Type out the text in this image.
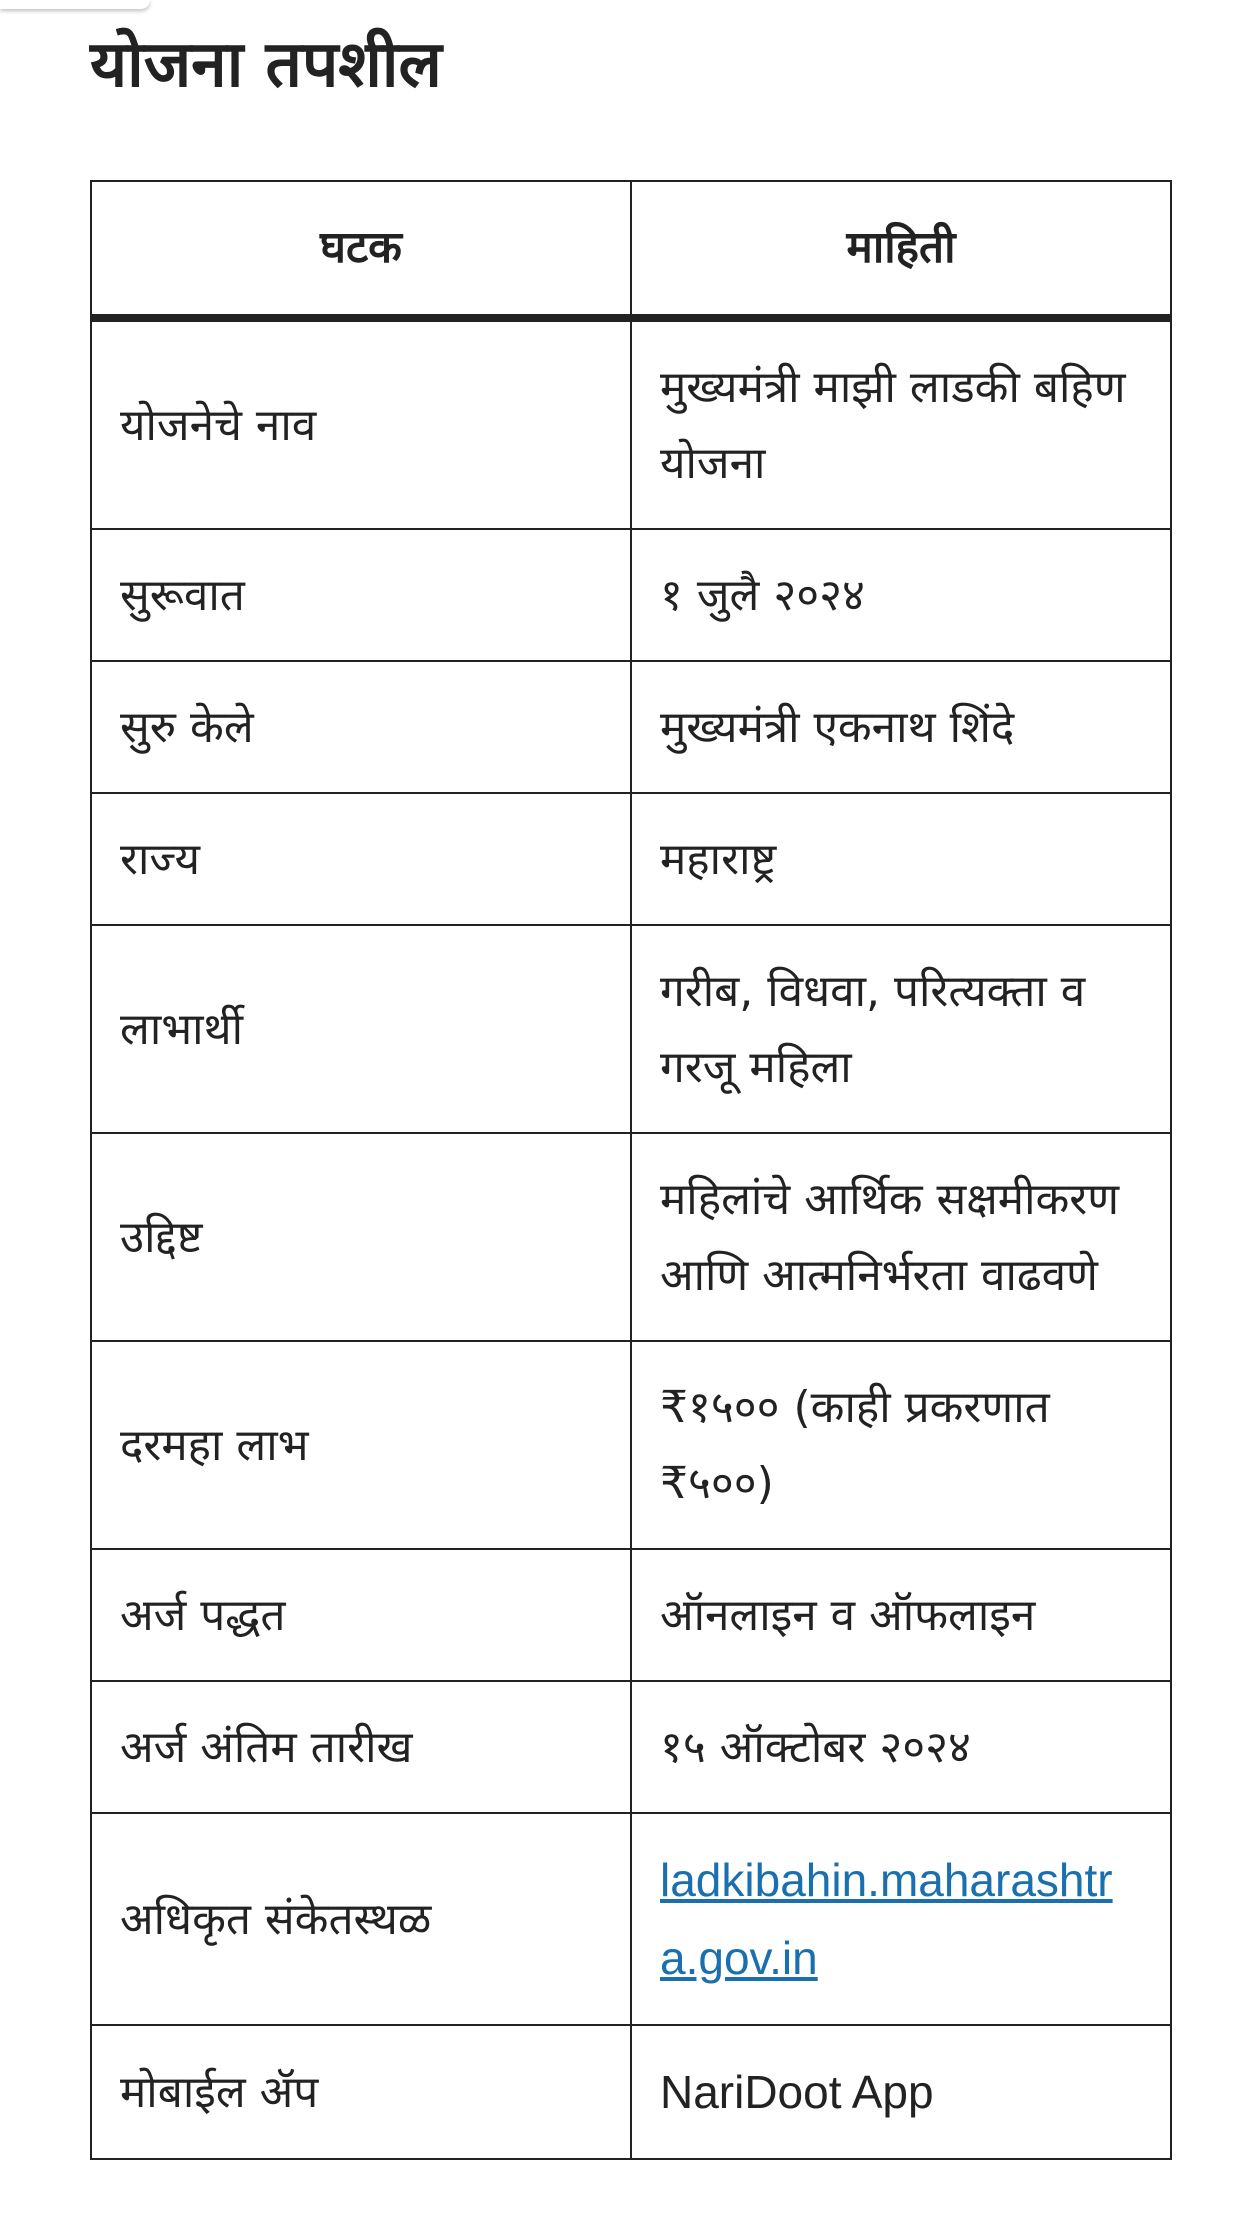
योजना तपशील
घटक	माहिती
योजनेचे नाव	मुख्यमंत्री माझी लाडकी बहिण योजना
सुरूवात	१ जुलै २०२४
सुरु केले	मुख्यमंत्री एकनाथ शिंदे
राज्य	महाराष्ट्र
लाभार्थी	गरीब, विधवा, परित्यक्ता व गरजू महिला
उद्दिष्ट	महिलांचे आर्थिक सक्षमीकरण आणि आत्मनिर्भरता वाढवणे
दरमहा लाभ	₹१५०० (काही प्रकरणात ₹५००)
अर्ज पद्धत	ऑनलाइन व ऑफलाइन
अर्ज अंतिम तारीख	१५ ऑक्टोबर २०२४
अधिकृत संकेतस्थळ	ladkibahin.maharashtra.gov.in
मोबाईल ॲप	NariDoot App
